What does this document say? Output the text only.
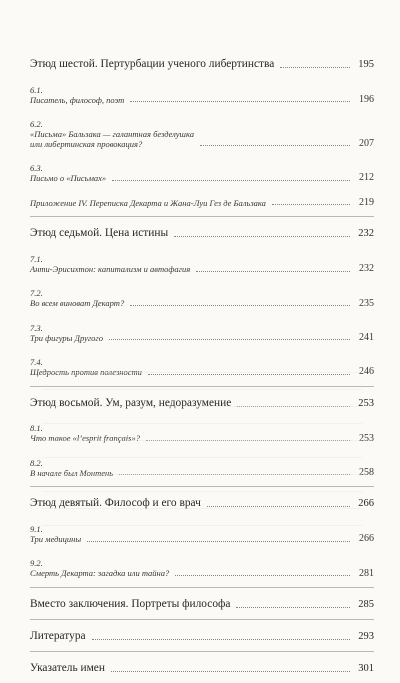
Этюд шестой. Пертурбации ученого либертинства	195

6.1.
Писатель, философ, поэт	196

6.2.
«Письма» Бальзака — галантная безделушка
или либертинская провокация?	207

6.3.
Письмо о «Письмах»	212

Приложение IV. Переписка Декарта и Жана-Луи Гез де Бальзака	219
Этюд седьмой. Цена истины	232

7.1.
Анти-Эрисихтон: капитализм и автофагия	232

7.2.
Во всем виноват Декарт?	235

7.3.
Три фигуры Другого	241

7.4.
Щедрость против полезности	246
Этюд восьмой. Ум, разум, недоразумение	253

8.1.
Что такое «l’esprit français»?	253

8.2.
В начале был Монтень	258
Этюд девятый. Философ и его врач	266

9.1.
Три медицины	266

9.2.
Смерть Декарта: загадка или тайна?	281
Вместо заключения. Портреты философа	285
Литература	293
Указатель имен	301
